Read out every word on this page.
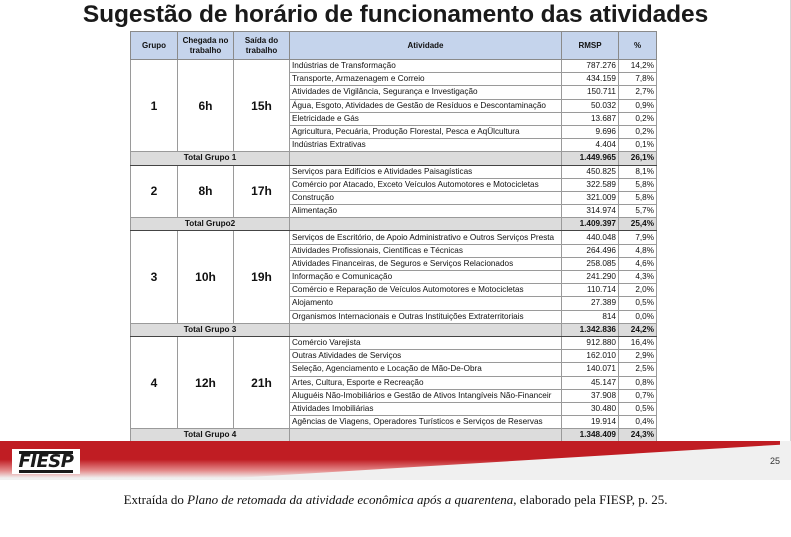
Sugestão de horário de funcionamento das atividades
Grupo	Chegada no trabalho	Saída do trabalho	Atividade	RMSP	%
1	6h	15h	Indústrias de Transformação	787.276	14,2%
			Transporte, Armazenagem e Correio	434.159	7,8%
			Atividades de Vigilância, Segurança e Investigação	150.711	2,7%
			Água, Esgoto, Atividades de Gestão de Resíduos e Descontaminação	50.032	0,9%
			Eletricidade e Gás	13.687	0,2%
			Agricultura, Pecuária, Produção Florestal, Pesca e AqÜlcultura	9.696	0,2%
			Indústrias Extrativas	4.404	0,1%
Total Grupo 1				1.449.965	26,1%
2	8h	17h	Serviços para Edifícios e Atividades Paisagísticas	450.825	8,1%
			Comércio por Atacado, Exceto Veículos Automotores e Motocicletas	322.589	5,8%
			Construção	321.009	5,8%
			Alimentação	314.974	5,7%
Total Grupo2				1.409.397	25,4%
3	10h	19h	Serviços de Escritório, de Apoio Administrativo e Outros Serviços Presta	440.048	7,9%
			Atividades Profissionais, Científicas e Técnicas	264.496	4,8%
			Atividades Financeiras, de Seguros e Serviços Relacionados	258.085	4,6%
			Informação e Comunicação	241.290	4,3%
			Comércio e Reparação de Veículos Automotores e Motocicletas	110.714	2,0%
			Alojamento	27.389	0,5%
			Organismos Internacionais e Outras Instituições Extraterritoriais	814	0,0%
Total Grupo 3				1.342.836	24,2%
4	12h	21h	Comércio Varejista	912.880	16,4%
			Outras Atividades de Serviços	162.010	2,9%
			Seleção, Agenciamento e Locação de Mão-De-Obra	140.071	2,5%
			Artes, Cultura, Esporte e Recreação	45.147	0,8%
			Aluguéis Não-Imobiliários e Gestão de Ativos Intangíveis Não-Financeir	37.908	0,7%
			Atividades Imobiliárias	30.480	0,5%
			Agências de Viagens, Operadores Turísticos e Serviços de Reservas	19.914	0,4%
Total Grupo 4				1.348.409	24,3%

FIESP	25
Extraída do Plano de retomada da atividade econômica após a quarentena, elaborado pela FIESP, p. 25.
